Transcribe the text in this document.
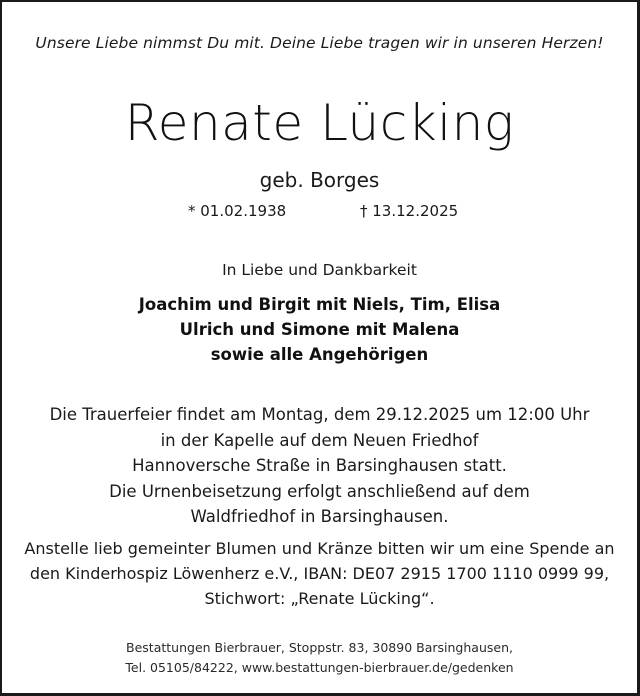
Unsere Liebe nimmst Du mit. Deine Liebe tragen wir in unseren Herzen!
Renate Lücking
geb. Borges
* 01.02.1938	† 13.12.2025
In Liebe und Dankbarkeit
Joachim und Birgit mit Niels, Tim, Elisa
Ulrich und Simone mit Malena
sowie alle Angehörigen
Die Trauerfeier findet am Montag, dem 29.12.2025 um 12:00 Uhr
in der Kapelle auf dem Neuen Friedhof
Hannoversche Straße in Barsinghausen statt.
Die Urnenbeisetzung erfolgt anschließend auf dem
Waldfriedhof in Barsinghausen.
Anstelle lieb gemeinter Blumen und Kränze bitten wir um eine Spende an
den Kinderhospiz Löwenherz e.V., IBAN: DE07 2915 1700 1110 0999 99,
Stichwort: „Renate Lücking“.
Bestattungen Bierbrauer, Stoppstr. 83, 30890 Barsinghausen,
Tel. 05105/84222, www.bestattungen-bierbrauer.de/gedenken
